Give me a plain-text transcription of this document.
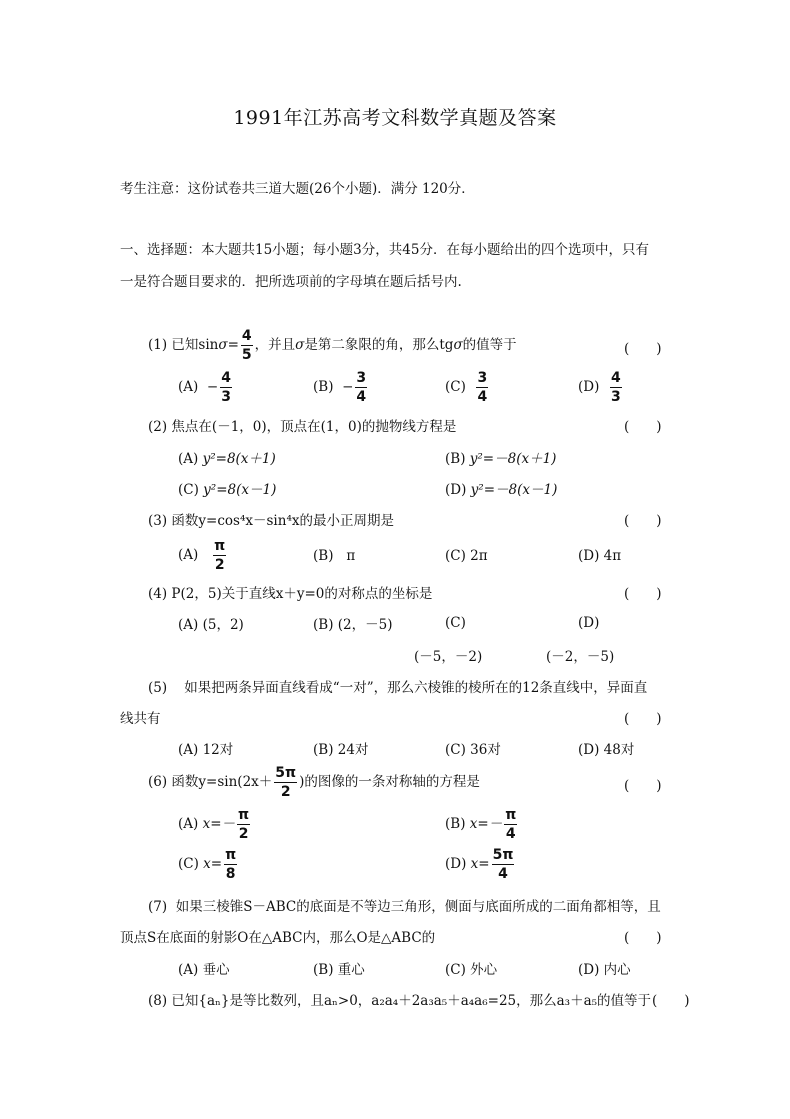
1991年江苏高考文科数学真题及答案
考生注意：这份试卷共三道大题(26个小题)．满分 120分．
一、选择题：本大题共15小题；每小题3分，共45分．在每小题给出的四个选项中，只有
一是符合题目要求的．把所选项前的字母填在题后括号内.
(1) 已知$\sin\sigma= \frac{4}{5}$ ，并且σ是第二象限的角，那么tgσ的值等于	(　　)
$(A) - \frac{4}{3}$	$(B) - \frac{3}{4}$	$(C) \frac{3}{4}$	$(D) \frac{4}{3}$
(2) 焦点在(－1，0)，顶点在(1，0)的抛物线方程是	(　　)
(A) y²=8(x＋1)	(B) y²=－8(x＋1)
(C) y²=8(x－1)	(D) y²=－8(x－1)
(3) 函数y=cos⁴x－sin⁴x的最小正周期是	(　　)
$(A) \frac{\pi}{2}$	(B) π	(C) 2π	(D) 4π
(4) P(2，5)关于直线x＋y=0的对称点的坐标是	(　　)
(A) (5，2)	(B) (2，－5)	(C)	(D)
(－5，－2)	(－2，－5)
(5) 如果把两条异面直线看成“一对”，那么六棱锥的棱所在的12条直线中，异面直
线共有	(　　)
(A) 12对	(B) 24对	(C) 36对	(D) 48对
(6) 函数$y=\sin(2x+ \frac{5\pi}{2}$ )的图像的一条对称轴的方程是	(　　)
(A) $x=- \frac{\pi}{2}$	(B) $x=- \frac{\pi}{4}$
(C) $x= \frac{\pi}{8}$	(D) $x= \frac{5\pi}{4}$
(7) 如果三棱锥S－ABC的底面是不等边三角形，侧面与底面所成的二面角都相等，且
顶点S在底面的射影O在△ABC内，那么O是△ABC的	(　　)
(A) 垂心	(B) 重心	(C) 外心	(D) 内心
(8) 已知{aₙ}是等比数列，且aₙ>0，a₂a₄＋2a₃a₅＋a₄a₆=25，那么a₃＋a₅的值等于 (　　)
